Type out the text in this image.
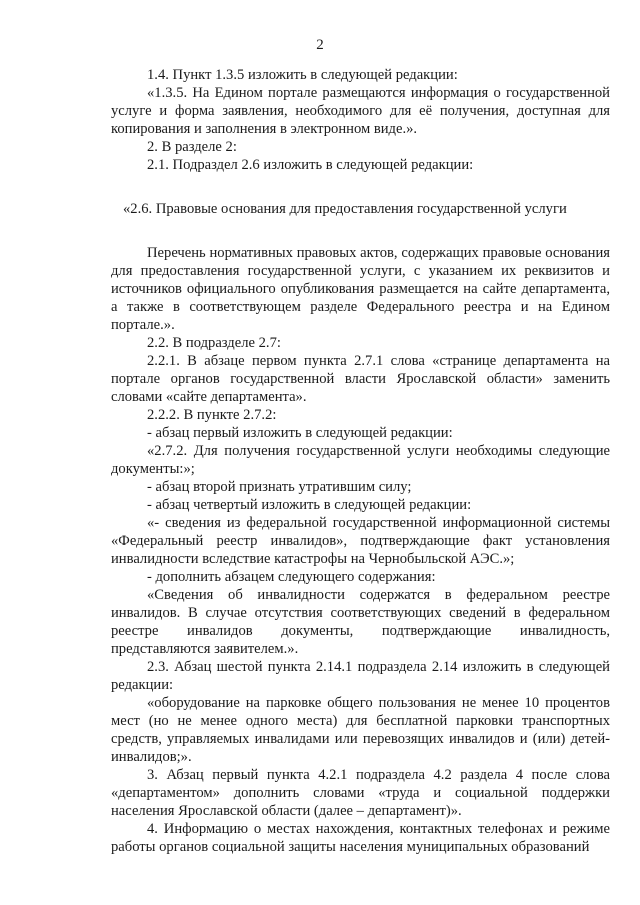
2

1.4. Пункт 1.3.5 изложить в следующей редакции:

«1.3.5. На Едином портале размещаются информация о государственной услуге и форма заявления, необходимого для её получения, доступная для копирования и заполнения в электронном виде.».

2. В разделе 2:

2.1. Подраздел 2.6 изложить в следующей редакции:

«2.6. Правовые основания для предоставления государственной услуги

Перечень нормативных правовых актов, содержащих правовые основания для предоставления государственной услуги, с указанием их реквизитов и источников официального опубликования размещается на сайте департамента, а также в соответствующем разделе Федерального реестра и на Едином портале.».

2.2. В подразделе 2.7:

2.2.1. В абзаце первом пункта 2.7.1 слова «странице департамента на портале органов государственной власти Ярославской области» заменить словами «сайте департамента».

2.2.2. В пункте 2.7.2:

- абзац первый изложить в следующей редакции:

«2.7.2. Для получения государственной услуги необходимы следующие документы:»;

- абзац второй признать утратившим силу;

- абзац четвертый изложить в следующей редакции:

«- сведения из федеральной государственной информационной системы «Федеральный реестр инвалидов», подтверждающие факт установления инвалидности вследствие катастрофы на Чернобыльской АЭС.»;

- дополнить абзацем следующего содержания:

«Сведения об инвалидности содержатся в федеральном реестре инвалидов. В случае отсутствия соответствующих сведений в федеральном реестре инвалидов документы, подтверждающие инвалидность, представляются заявителем.».

2.3. Абзац шестой пункта 2.14.1 подраздела 2.14 изложить в следующей редакции:

«оборудование на парковке общего пользования не менее 10 процентов мест (но не менее одного места) для бесплатной парковки транспортных средств, управляемых инвалидами или перевозящих инвалидов и (или) детей-инвалидов;».

3. Абзац первый пункта 4.2.1 подраздела 4.2 раздела 4 после слова «департаментом» дополнить словами «труда и социальной поддержки населения Ярославской области (далее – департамент)».

4. Информацию о местах нахождения, контактных телефонах и режиме работы органов социальной защиты населения муниципальных образований
